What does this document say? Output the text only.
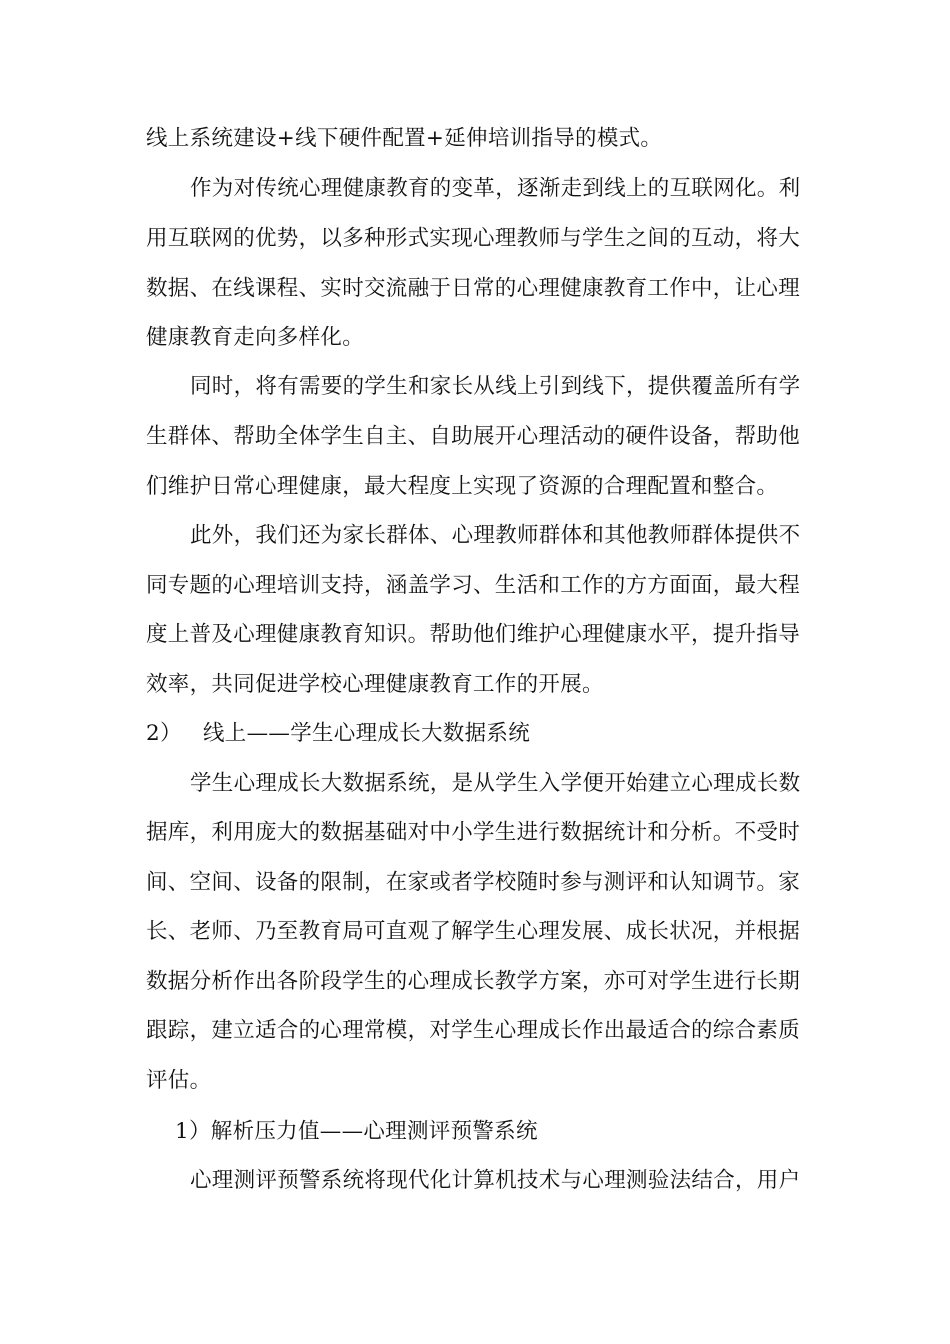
线上系统建设+线下硬件配置+延伸培训指导的模式。
作为对传统心理健康教育的变革，逐渐走到线上的互联网化。利
用互联网的优势，以多种形式实现心理教师与学生之间的互动，将大
数据、在线课程、实时交流融于日常的心理健康教育工作中，让心理
健康教育走向多样化。
同时，将有需要的学生和家长从线上引到线下，提供覆盖所有学
生群体、帮助全体学生自主、自助展开心理活动的硬件设备，帮助他
们维护日常心理健康，最大程度上实现了资源的合理配置和整合。
此外，我们还为家长群体、心理教师群体和其他教师群体提供不
同专题的心理培训支持，涵盖学习、生活和工作的方方面面，最大程
度上普及心理健康教育知识。帮助他们维护心理健康水平，提升指导
效率，共同促进学校心理健康教育工作的开展。
2） 线上——学生心理成长大数据系统
学生心理成长大数据系统，是从学生入学便开始建立心理成长数
据库，利用庞大的数据基础对中小学生进行数据统计和分析。不受时
间、空间、设备的限制，在家或者学校随时参与测评和认知调节。家
长、老师、乃至教育局可直观了解学生心理发展、成长状况，并根据
数据分析作出各阶段学生的心理成长教学方案，亦可对学生进行长期
跟踪，建立适合的心理常模，对学生心理成长作出最适合的综合素质
评估。
1）解析压力值——心理测评预警系统
心理测评预警系统将现代化计算机技术与心理测验法结合，用户
